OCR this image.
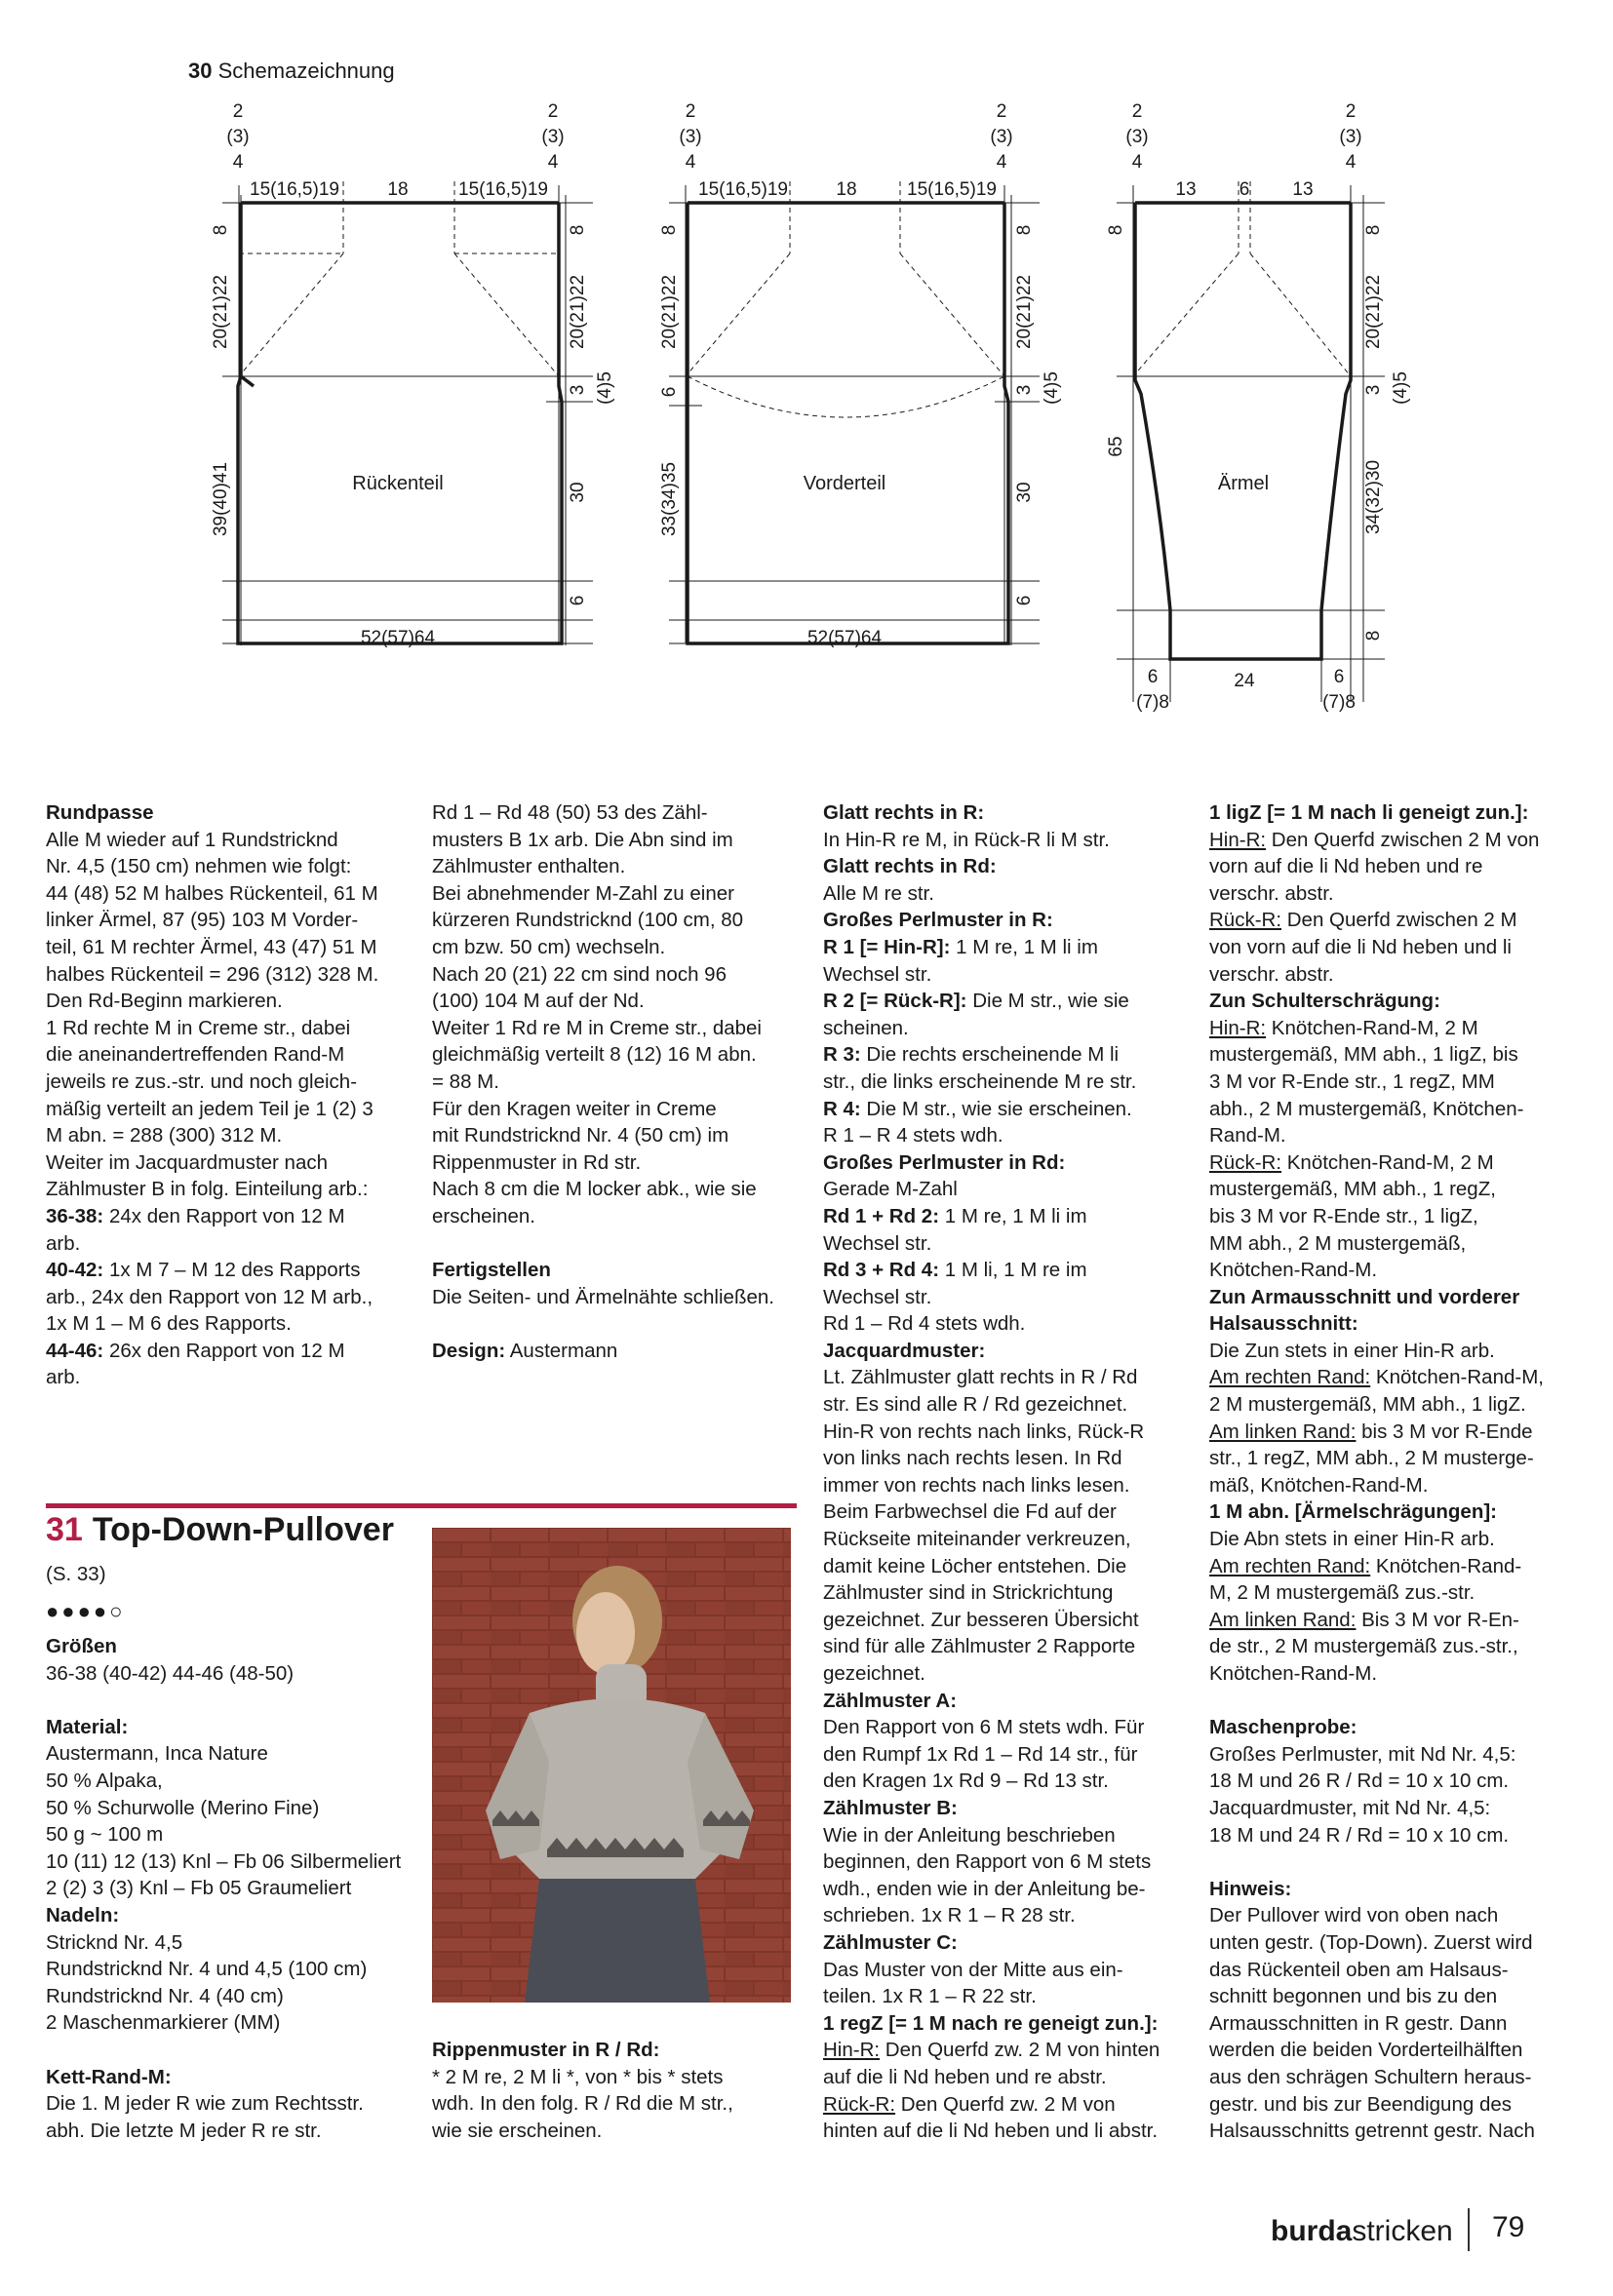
30 Schemazeichnung
2
(3)
4
2
(3)
4
15(16,5)19	18	15(16,5)19
Rückenteil
52(57)64
8
20(21)22
39(40)41
8
20(21)22
3 (4)5
30
6
2
(3)
4
2
(3)
4
15(16,5)19	18	15(16,5)19
Vorderteil
52(57)64
8
20(21)22
6
33(34)35
8
20(21)22
3 (4)5
30
6
2
(3)
4
2
(3)
4
13 6 13
Ärmel
8
65
8
20(21)22
3 (4)5
34(32)30
8
6
(7)8
24	6
(7)8

Rundpasse

Alle M wieder auf 1 Rundstricknd

Nr. 4,5 (150 cm) nehmen wie folgt:

44 (48) 52 M halbes Rückenteil, 61 M

linker Ärmel, 87 (95) 103 M Vorder-

teil, 61 M rechter Ärmel, 43 (47) 51 M

halbes Rückenteil = 296 (312) 328 M.

Den Rd-Beginn markieren.

1 Rd rechte M in Creme str., dabei

die aneinandertreffenden Rand-M

jeweils re zus.-str. und noch gleich-

mäßig verteilt an jedem Teil je 1 (2) 3

M abn. = 288 (300) 312 M.

Weiter im Jacquardmuster nach

Zählmuster B in folg. Einteilung arb.:

36-38: 24x den Rapport von 12 M

arb.

40-42: 1x M 7 – M 12 des Rapports

arb., 24x den Rapport von 12 M arb.,

1x M 1 – M 6 des Rapports.

44-46: 26x den Rapport von 12 M

arb.

Rd 1 – Rd 48 (50) 53 des Zähl-

musters B 1x arb. Die Abn sind im

Zählmuster enthalten.

Bei abnehmender M-Zahl zu einer

kürzeren Rundstricknd (100 cm, 80

cm bzw. 50 cm) wechseln.

Nach 20 (21) 22 cm sind noch 96

(100) 104 M auf der Nd.

Weiter 1 Rd re M in Creme str., dabei

gleichmäßig verteilt 8 (12) 16 M abn.

= 88 M.

Für den Kragen weiter in Creme

mit Rundstricknd Nr. 4 (50 cm) im

Rippenmuster in Rd str.

Nach 8 cm die M locker abk., wie sie

erscheinen.

Fertigstellen

Die Seiten- und Ärmelnähte schließen.

Design: Austermann

31 Top-Down-Pullover
(S. 33)
●●●●○

Größen

36-38 (40-42) 44-46 (48-50)

Material:

Austermann, Inca Nature

50 % Alpaka,

50 % Schurwolle (Merino Fine)

50 g ~ 100 m

10 (11) 12 (13) Knl – Fb 06 Silbermeliert

2 (2) 3 (3) Knl – Fb 05 Graumeliert

Nadeln:

Stricknd Nr. 4,5

Rundstricknd Nr. 4 und 4,5 (100 cm)

Rundstricknd Nr. 4 (40 cm)

2 Maschenmarkierer (MM)

Kett-Rand-M:

Die 1. M jeder R wie zum Rechtsstr.

abh. Die letzte M jeder R re str.

Rippenmuster in R / Rd:

* 2 M re, 2 M li *, von * bis * stets

wdh. In den folg. R / Rd die M str.,

wie sie erscheinen.

Glatt rechts in R:

In Hin-R re M, in Rück-R li M str.

Glatt rechts in Rd:

Alle M re str.

Großes Perlmuster in R:

R 1 [= Hin-R]: 1 M re, 1 M li im

Wechsel str.

R 2 [= Rück-R]: Die M str., wie sie

scheinen.

R 3: Die rechts erscheinende M li

str., die links erscheinende M re str.

R 4: Die M str., wie sie erscheinen.

R 1 – R 4 stets wdh.

Großes Perlmuster in Rd:

Gerade M-Zahl

Rd 1 + Rd 2: 1 M re, 1 M li im

Wechsel str.

Rd 3 + Rd 4: 1 M li, 1 M re im

Wechsel str.

Rd 1 – Rd 4 stets wdh.

Jacquardmuster:

Lt. Zählmuster glatt rechts in R / Rd

str. Es sind alle R / Rd gezeichnet.

Hin-R von rechts nach links, Rück-R

von links nach rechts lesen. In Rd

immer von rechts nach links lesen.

Beim Farbwechsel die Fd auf der

Rückseite miteinander verkreuzen,

damit keine Löcher entstehen. Die

Zählmuster sind in Strickrichtung

gezeichnet. Zur besseren Übersicht

sind für alle Zählmuster 2 Rapporte

gezeichnet.

Zählmuster A:

Den Rapport von 6 M stets wdh. Für

den Rumpf 1x Rd 1 – Rd 14 str., für

den Kragen 1x Rd 9 – Rd 13 str.

Zählmuster B:

Wie in der Anleitung beschrieben

beginnen, den Rapport von 6 M stets

wdh., enden wie in der Anleitung be-

schrieben. 1x R 1 – R 28 str.

Zählmuster C:

Das Muster von der Mitte aus ein-

teilen. 1x R 1 – R 22 str.

1 regZ [= 1 M nach re geneigt zun.]:

Hin-R: Den Querfd zw. 2 M von hinten

auf die li Nd heben und re abstr.

Rück-R: Den Querfd zw. 2 M von

hinten auf die li Nd heben und li abstr.

1 ligZ [= 1 M nach li geneigt zun.]:

Hin-R: Den Querfd zwischen 2 M von

vorn auf die li Nd heben und re

verschr. abstr.

Rück-R: Den Querfd zwischen 2 M

von vorn auf die li Nd heben und li

verschr. abstr.

Zun Schulterschrägung:

Hin-R: Knötchen-Rand-M, 2 M

mustergemäß, MM abh., 1 ligZ, bis

3 M vor R-Ende str., 1 regZ, MM

abh., 2 M mustergemäß, Knötchen-

Rand-M.

Rück-R: Knötchen-Rand-M, 2 M

mustergemäß, MM abh., 1 regZ,

bis 3 M vor R-Ende str., 1 ligZ,

MM abh., 2 M mustergemäß,

Knötchen-Rand-M.

Zun Armausschnitt und vorderer

Halsausschnitt:

Die Zun stets in einer Hin-R arb.

Am rechten Rand: Knötchen-Rand-M,

2 M mustergemäß, MM abh., 1 ligZ.

Am linken Rand: bis 3 M vor R-Ende

str., 1 regZ, MM abh., 2 M musterge-

mäß, Knötchen-Rand-M.

1 M abn. [Ärmelschrägungen]:

Die Abn stets in einer Hin-R arb.

Am rechten Rand: Knötchen-Rand-

M, 2 M mustergemäß zus.-str.

Am linken Rand: Bis 3 M vor R-En-

de str., 2 M mustergemäß zus.-str.,

Knötchen-Rand-M.

Maschenprobe:

Großes Perlmuster, mit Nd Nr. 4,5:

18 M und 26 R / Rd = 10 x 10 cm.

Jacquardmuster, mit Nd Nr. 4,5:

18 M und 24 R / Rd = 10 x 10 cm.

Hinweis:

Der Pullover wird von oben nach

unten gestr. (Top-Down). Zuerst wird

das Rückenteil oben am Halsaus-

schnitt begonnen und bis zu den

Armausschnitten in R gestr. Dann

werden die beiden Vorderteilhälften

aus den schrägen Schultern heraus-

gestr. und bis zur Beendigung des

Halsausschnitts getrennt gestr. Nach

burdastricken 79
